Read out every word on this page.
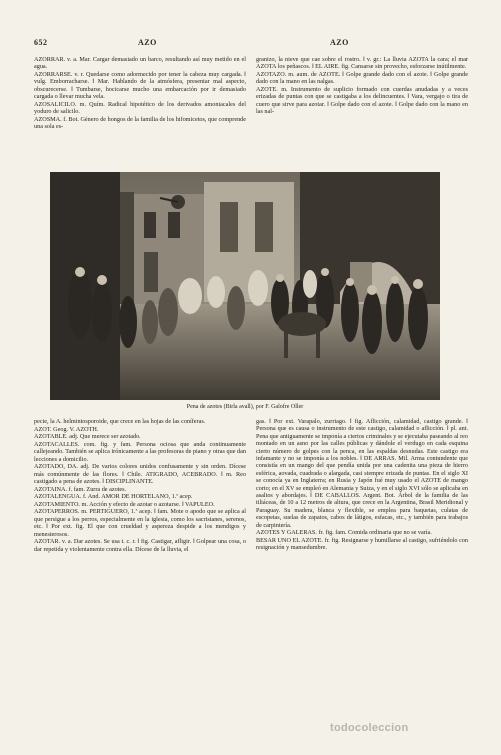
652	AZO	AZO

AZORRAR. v. a. Mar. Cargar demasiado un barco, resultando así muy metido en el agua.

AZORRARSE. v. r. Quedarse como adormecido por tener la cabeza muy cargada. ‖ vulg. Emborracharse. ‖ Mar. Hablando de la atmósfera, presentar mal aspecto, obscurecerse. ‖ Tumbarse, hocicarse mucho una embarcación por ir demasiado cargada o llevar mucha vela.

AZOSALICILO. m. Quím. Radical hipotético de los derivados amoniacales del yoduro de salicilo.

AZOSMA. f. Bot. Género de hongos de la familia de los hifomicetos, que comprende una sola es-

granizo, la nieve que cae sobre el rostro. ‖ v. gr.: La lluvia AZOTA la cara; el mar AZOTA los peñascos. ‖ EL AIRE. fig. Cansarse sin provecho, esforzarse inútilmente.

AZOTAZO. m. aum. de AZOTE. ‖ Golpe grande dado con el azote. ‖ Golpe grande dado con la mano en las nalgas.

AZOTE. m. Instrumento de suplicio formado con cuerdas anudadas y a veces erizadas de puntas con que se castigaba a los delincuentes. ‖ Vara, vergajo o tira de cuero que sirve para azotar. ‖ Golpe dado con el azote. ‖ Golpe dado con la mano en las nal-

Pena de azotes (Birla avall), por F. Galofre Oller

pecie, la A. helmintosporoide, que crece en las hojas de las coníferas.

AZOT. Geog. V. AZOTH.

AZOTABLE. adj. Que merece ser azotado.

AZOTACALLES. com. fig. y fam. Persona ociosa que anda continuamente callejeando. También se aplica irónicamente a las profesoras de piano y otras que dan lecciones a domicilio.

AZOTADO, DA. adj. De varios colores unidos confusamente y sin orden. Dícese más comúnmente de las flores. ‖ Chile. ATIGRADO, ACEBRADO. ‖ m. Reo castigado a pena de azotes. ‖ DISCIPLINANTE.

AZOTAINA. f. fam. Zurra de azotes.

AZOTALENGUA. f. And. AMOR DE HORTELANO, 1.ª acep.

AZOTAMIENTO. m. Acción y efecto de azotar o azotarse. ‖ VAPULEO.

AZOTAPERROS. m. PERTIGUERO, 1.ª acep. ‖ fam. Mote o apodo que se aplica al que persigue a los perros, especialmente en la iglesia, como los sacristanes, serenos, etc. ‖ Por ext. fig. El que con crueldad y aspereza despide a los mendigos y menesterosos.

AZOTAR. v. a. Dar azotes. Se usa t. c. r. ‖ fig. Castigar, afligir. ‖ Golpear una cosa, o dar repetida y violentamente contra ella. Dícese de la lluvia, el

gas. ‖ Por ext. Varapalo, zurriago. ‖ fig. Aflicción, calamidad, castigo grande. ‖ Persona que es causa o instrumento de este castigo, calamidad o aflicción. ‖ pl. ant. Pena que antiguamente se imponía a ciertos criminales y se ejecutaba paseando al reo montado en un asno por las calles públicas y dándole el verdugo en cada esquina cierto número de golpes con la penca, en las espaldas desnudas. Este castigo era infamante y no se imponía a los nobles. ‖ DE ARRAS. Mil. Arma contundente que consistía en un mango del que pendía unida por una cadenita una pieza de hierro esférica, aovada, cuadrada o alargada, casi siempre erizada de puntas. En el siglo XI se conocía ya en Inglaterra; en Rusia y Japón fué muy usado el AZOTE de mango corto; en el XV se empleó en Alemania y Suiza, y en el siglo XVI sólo se aplicaba en asaltos y abordajes. ‖ DE CABALLOS. Argent. Bot. Árbol de la familia de las tiliáceas, de 10 a 12 metros de altura, que crece en la Argentina, Brasil Meridional y Paraguay. Su madera, blanca y flexible, se emplea para baquetas, culatas de escopetas, suelas de zapatos, cabos de látigos, esfacas, etc., y también para trabajos de carpintería.

AZOTES Y GALERAS. fr. fig. fam. Comida ordinaria que no se varía.

BESAR UNO EL AZOTE. fr. fig. Resignarse y humillarse al castigo, sufriéndolo con resignación y mansedumbre.

todocoleccion
